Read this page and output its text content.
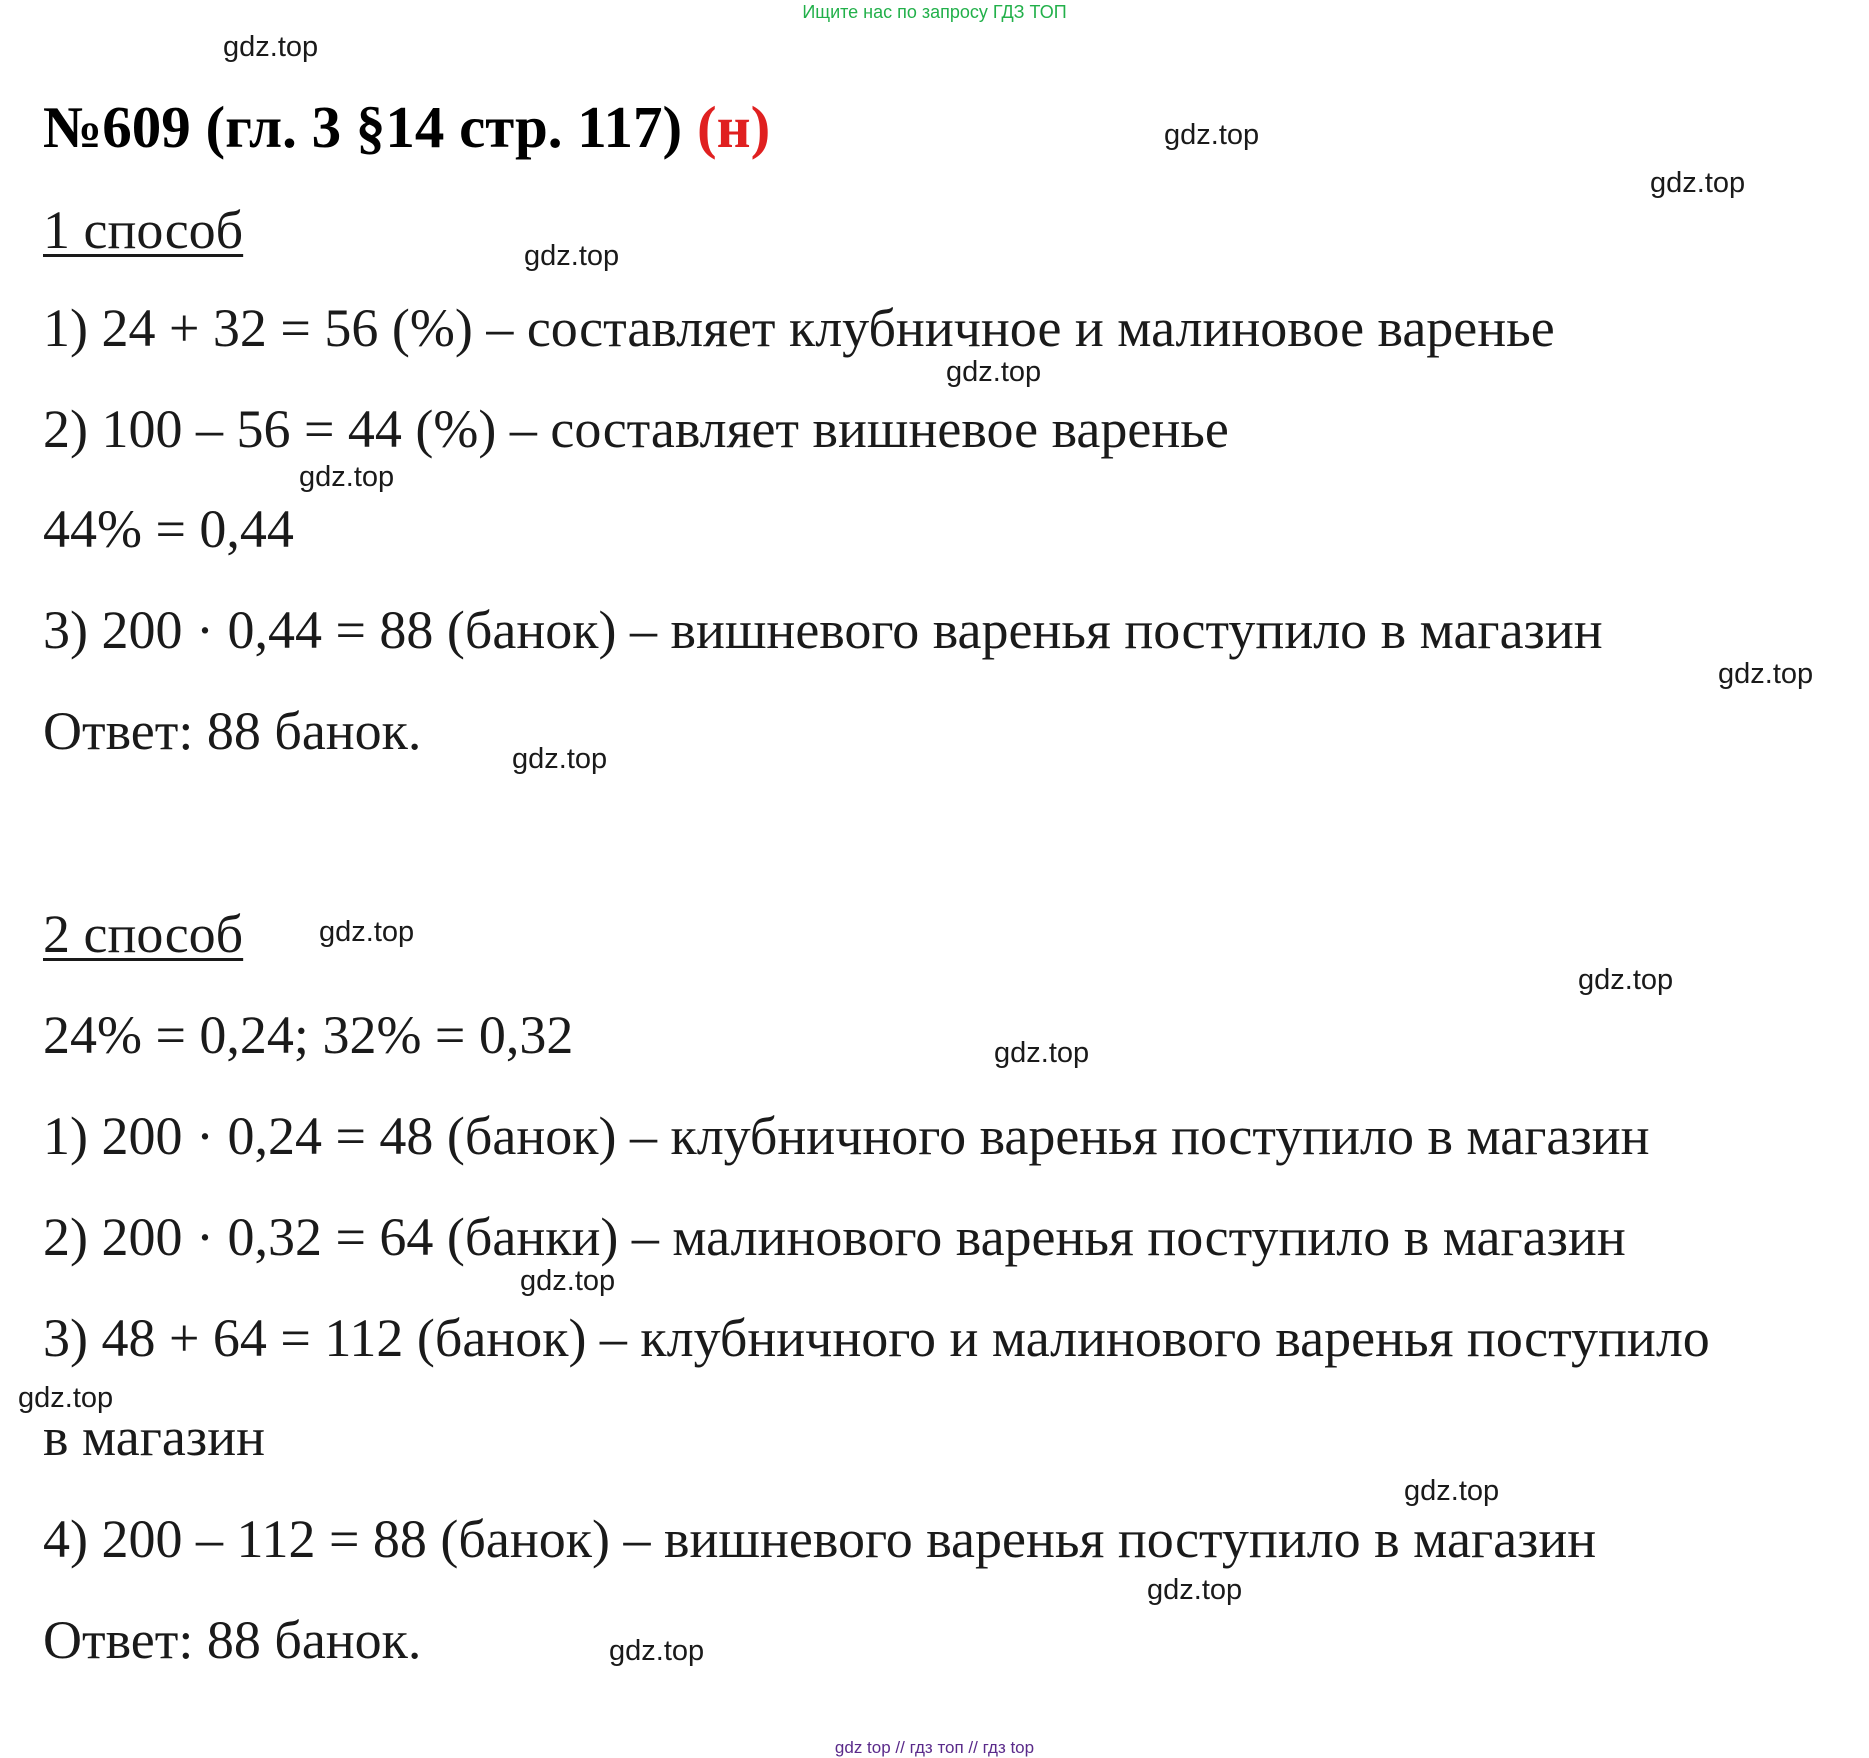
Ищите нас по запросу ГДЗ ТОП
№609 (гл. 3 §14 стр. 117) (н)
1 способ
1) 24 + 32 = 56 (%) – составляет клубничное и малиновое варенье
2) 100 – 56 = 44 (%) – составляет вишневое варенье
44% = 0,44
3) 200 · 0,44 = 88 (банок) – вишневого варенья поступило в магазин
Ответ: 88 банок.
2 способ
24% = 0,24; 32% = 0,32
1) 200 · 0,24 = 48 (банок) – клубничного варенья поступило в магазин
2) 200 · 0,32 = 64 (банки) – малинового варенья поступило в магазин
3) 48 + 64 = 112 (банок) – клубничного и малинового варенья поступило
в магазин
4) 200 – 112 = 88 (банок) – вишневого варенья поступило в магазин
Ответ: 88 банок.
gdz.top
gdz.top
gdz.top
gdz.top
gdz.top
gdz.top
gdz.top
gdz.top
gdz.top
gdz.top
gdz.top
gdz.top
gdz.top
gdz.top
gdz.top
gdz.top
gdz top // гдз топ // гдз top
